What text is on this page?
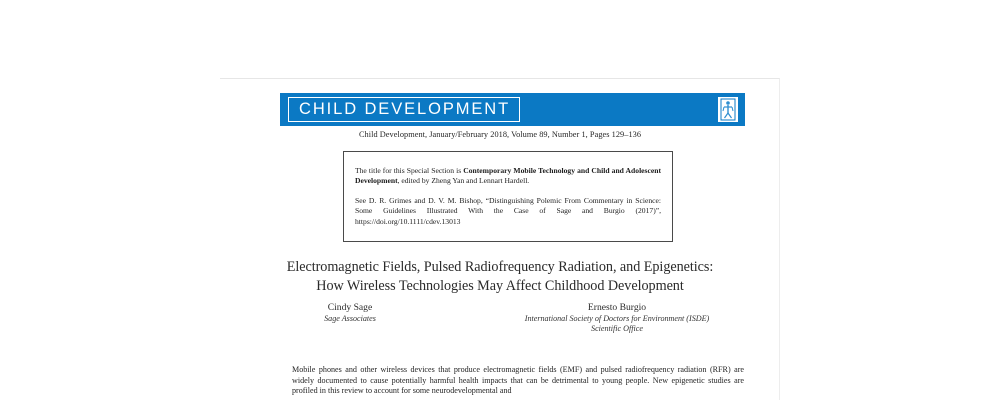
CHILD DEVELOPMENT
Child Development, January/February 2018, Volume 89, Number 1, Pages 129–136

The title for this Special Section is Contemporary Mobile Technology and Child and Adolescent Development, edited by Zheng Yan and Lennart Hardell.

See D. R. Grimes and D. V. M. Bishop, “Distinguishing Polemic From Commentary in Science: Some Guidelines Illustrated With the Case of Sage and Burgio (2017)”, https://doi.org/10.1111/cdev.13013

Electromagnetic Fields, Pulsed Radiofrequency Radiation, and Epigenetics:
How Wireless Technologies May Affect Childhood Development
Cindy Sage
Sage Associates
Ernesto Burgio
International Society of Doctors for Environment (ISDE)
Scientific Office

Mobile phones and other wireless devices that produce electromagnetic fields (EMF) and pulsed radiofrequency radiation (RFR) are widely documented to cause potentially harmful health impacts that can be detrimental to young people. New epigenetic studies are profiled in this review to account for some neurodevelopmental and
